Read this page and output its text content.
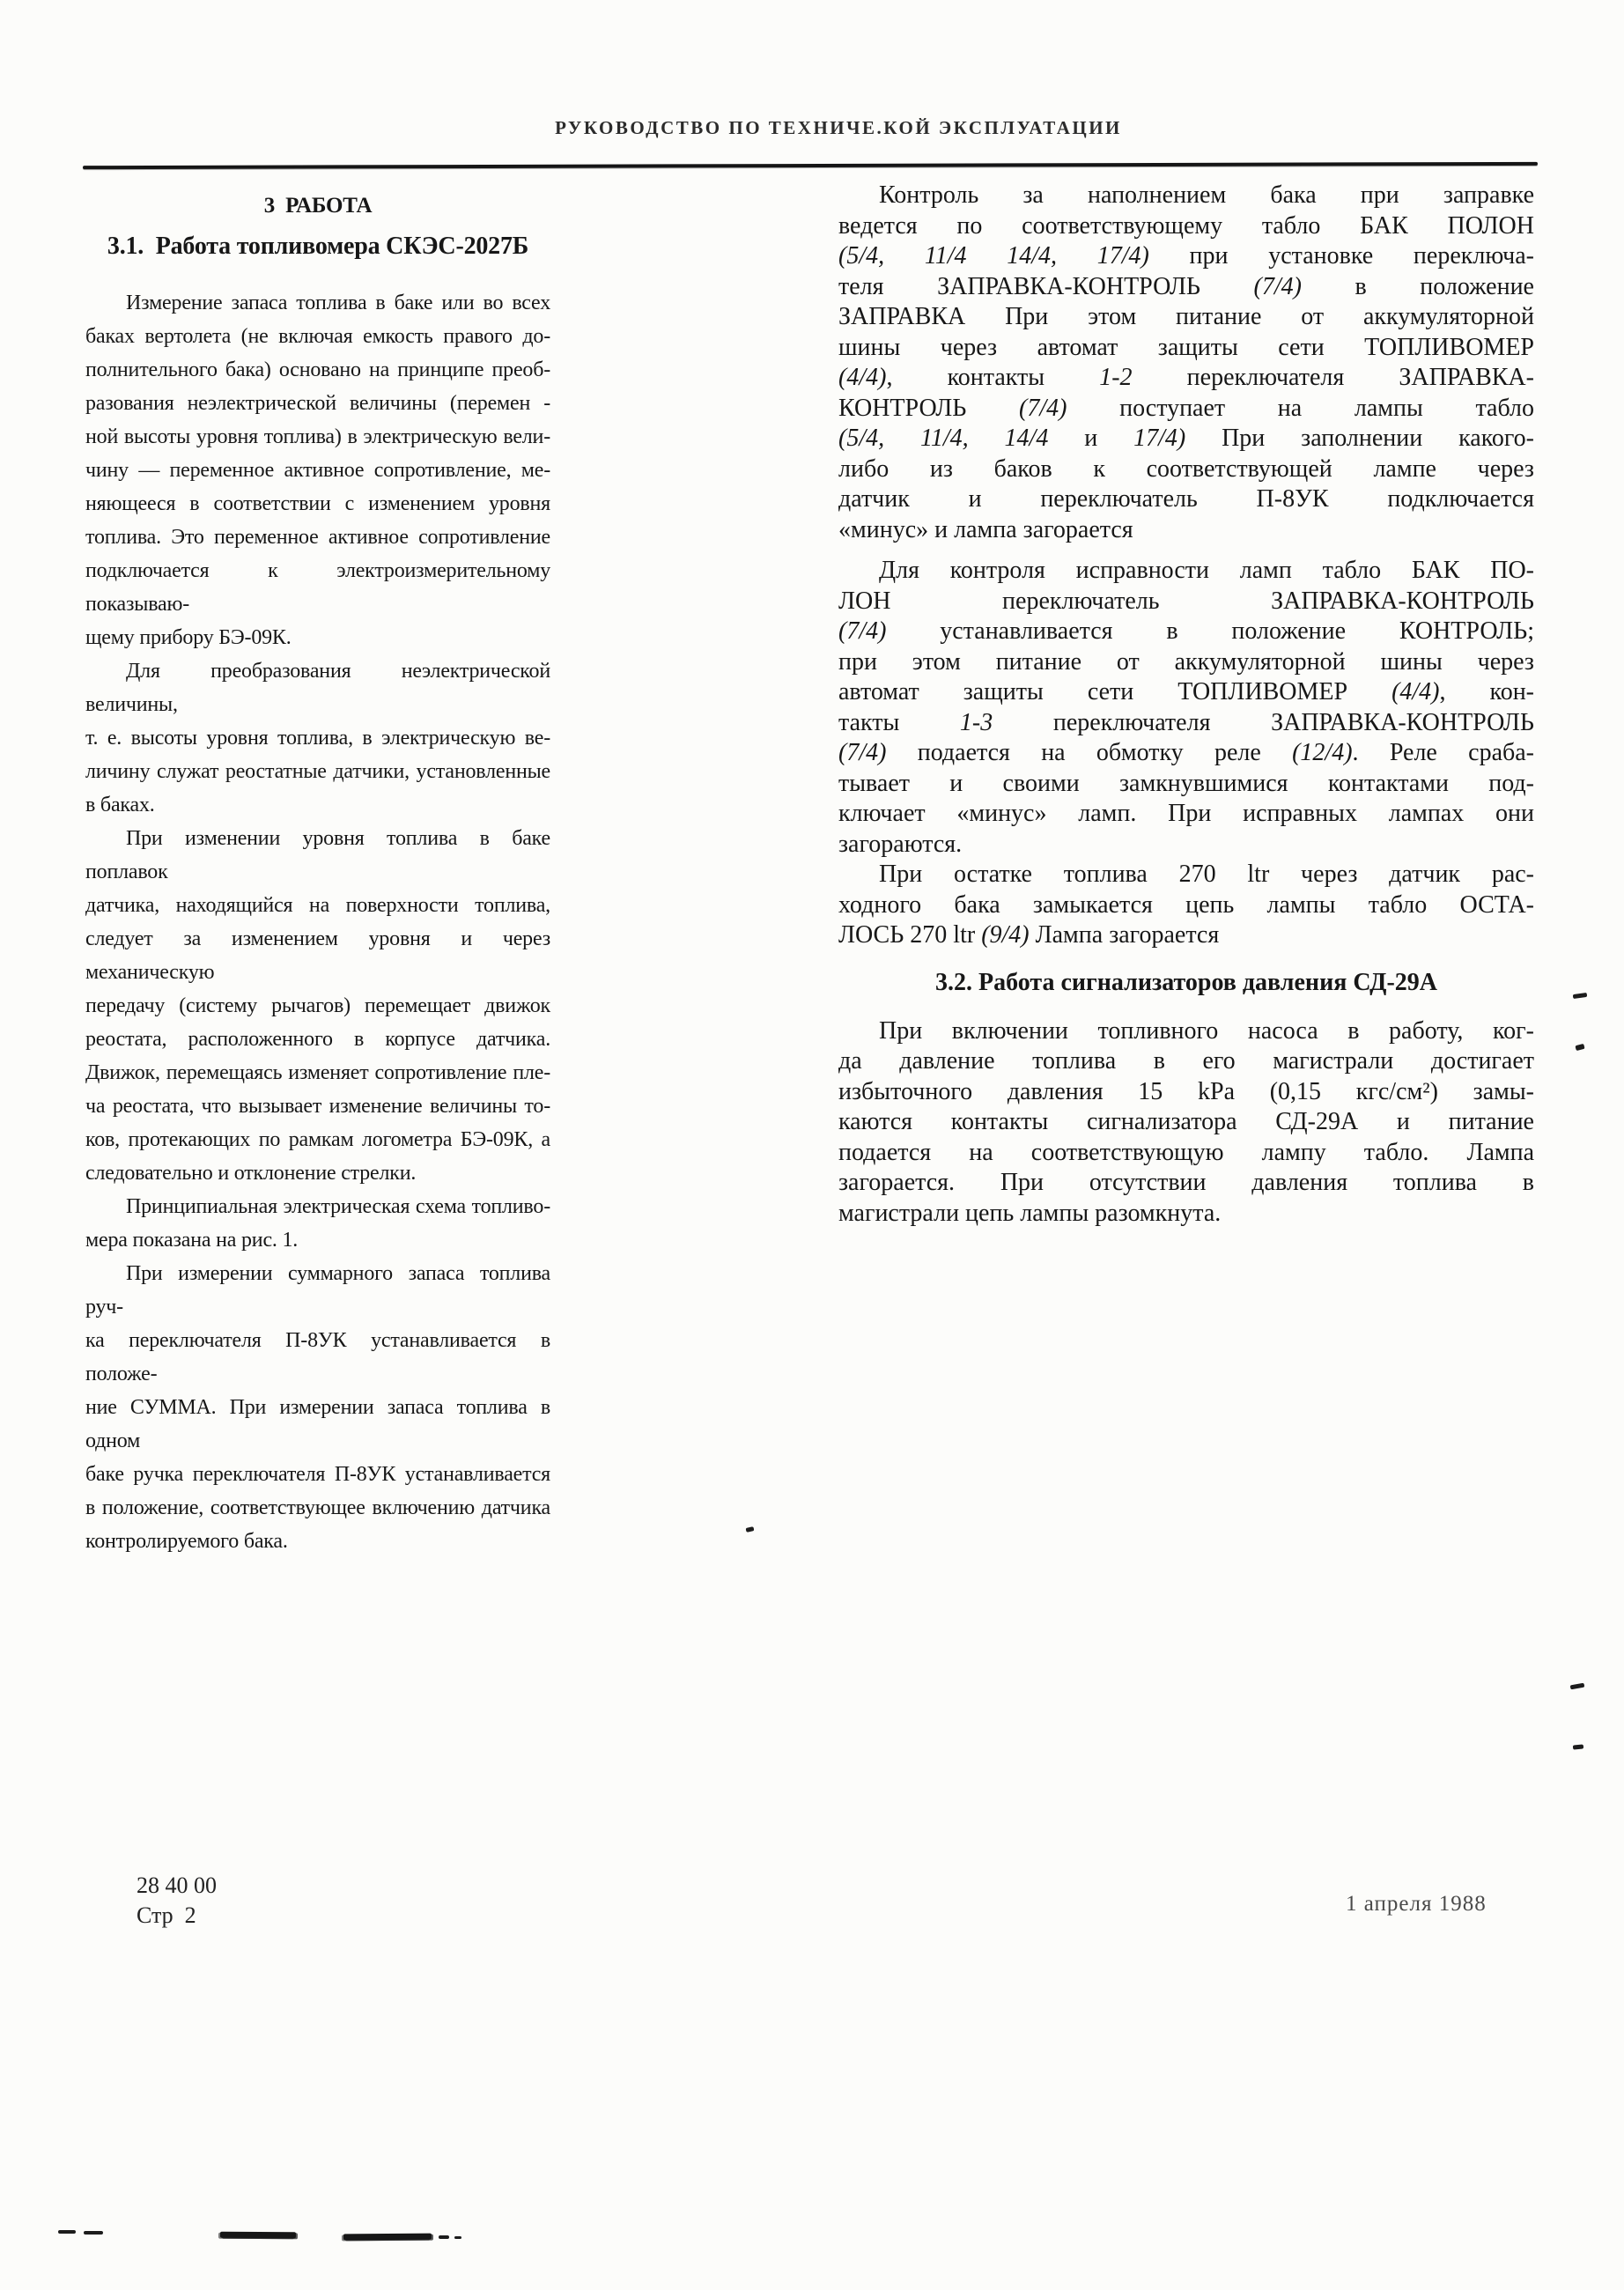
РУКОВОДСТВО ПО ТЕХНИЧЕ.КОЙ ЭКСПЛУАТАЦИИ
3  РАБОТА
3.1.  Работа топливомера СКЭС-2027Б
Измерение запаса топлива в баке или во всех
баках вертолета (не включая емкость правого до-
полнительного бака) основано на принципе преоб-
разования неэлектрической величины (перемен -
ной высоты уровня топлива) в электрическую вели-
чину — переменное активное сопротивление, ме-
няющееся в соответствии с изменением уровня
топлива. Это переменное активное сопротивление
подключается к электроизмерительному показываю-
щему прибору БЭ-09К.
Для преобразования неэлектрической величины,
т. е. высоты уровня топлива, в электрическую ве-
личину служат реостатные датчики, установленные
в баках.
При изменении уровня топлива в баке поплавок
датчика, находящийся на поверхности топлива,
следует за изменением уровня и через механическую
передачу (систему рычагов) перемещает движок
реостата, расположенного в корпусе датчика.
Движок, перемещаясь изменяет сопротивление пле-
ча реостата, что вызывает изменение величины то-
ков, протекающих по рамкам логометра БЭ-09К, а
следовательно и отклонение стрелки.
Принципиальная электрическая схема топливо-
мера показана на рис. 1.
При измерении суммарного запаса топлива руч-
ка переключателя П-8УК устанавливается в положе-
ние СУММА. При измерении запаса топлива в одном
баке ручка переключателя П-8УК устанавливается
в положение, соответствующее включению датчика
контролируемого бака.
Контроль за наполнением бака при заправке
ведется по соответствующему табло БАК ПОЛОН
(5/4, 11/4 14/4, 17/4) при установке переключа-
теля ЗАПРАВКА-КОНТРОЛЬ (7/4) в положение
ЗАПРАВКА При этом питание от аккумуляторной
шины через автомат защиты сети ТОПЛИВОМЕР
(4/4), контакты 1-2 переключателя ЗАПРАВКА-
КОНТРОЛЬ (7/4) поступает на лампы табло
(5/4, 11/4, 14/4 и 17/4) При заполнении какого-
либо из баков к соответствующей лампе через
датчик и переключатель П-8УК подключается
«минус» и лампа загорается
Для контроля исправности ламп табло БАК ПО-
ЛОН переключатель ЗАПРАВКА-КОНТРОЛЬ
(7/4) устанавливается в положение КОНТРОЛЬ;
при этом питание от аккумуляторной шины через
автомат защиты сети ТОПЛИВОМЕР (4/4), кон-
такты 1-3 переключателя ЗАПРАВКА-КОНТРОЛЬ
(7/4) подается на обмотку реле (12/4). Реле сраба-
тывает и своими замкнувшимися контактами под-
ключает «минус» ламп. При исправных лампах они
загораются.
При остатке топлива 270 ltr через датчик рас-
ходного бака замыкается цепь лампы табло ОСТА-
ЛОСЬ 270 ltr (9/4) Лампа загорается
3.2. Работа сигнализаторов давления СД-29А
При включении топливного насоса в работу, ког-
да давление топлива в его магистрали достигает
избыточного давления 15 kPa (0,15 кгс/см²) замы-
каются контакты сигнализатора СД-29А и питание
подается на соответствующую лампу табло. Лампа
загорается. При отсутствии давления топлива в
магистрали цепь лампы разомкнута.
28 40 00
Стр  2	1 апреля 1988
